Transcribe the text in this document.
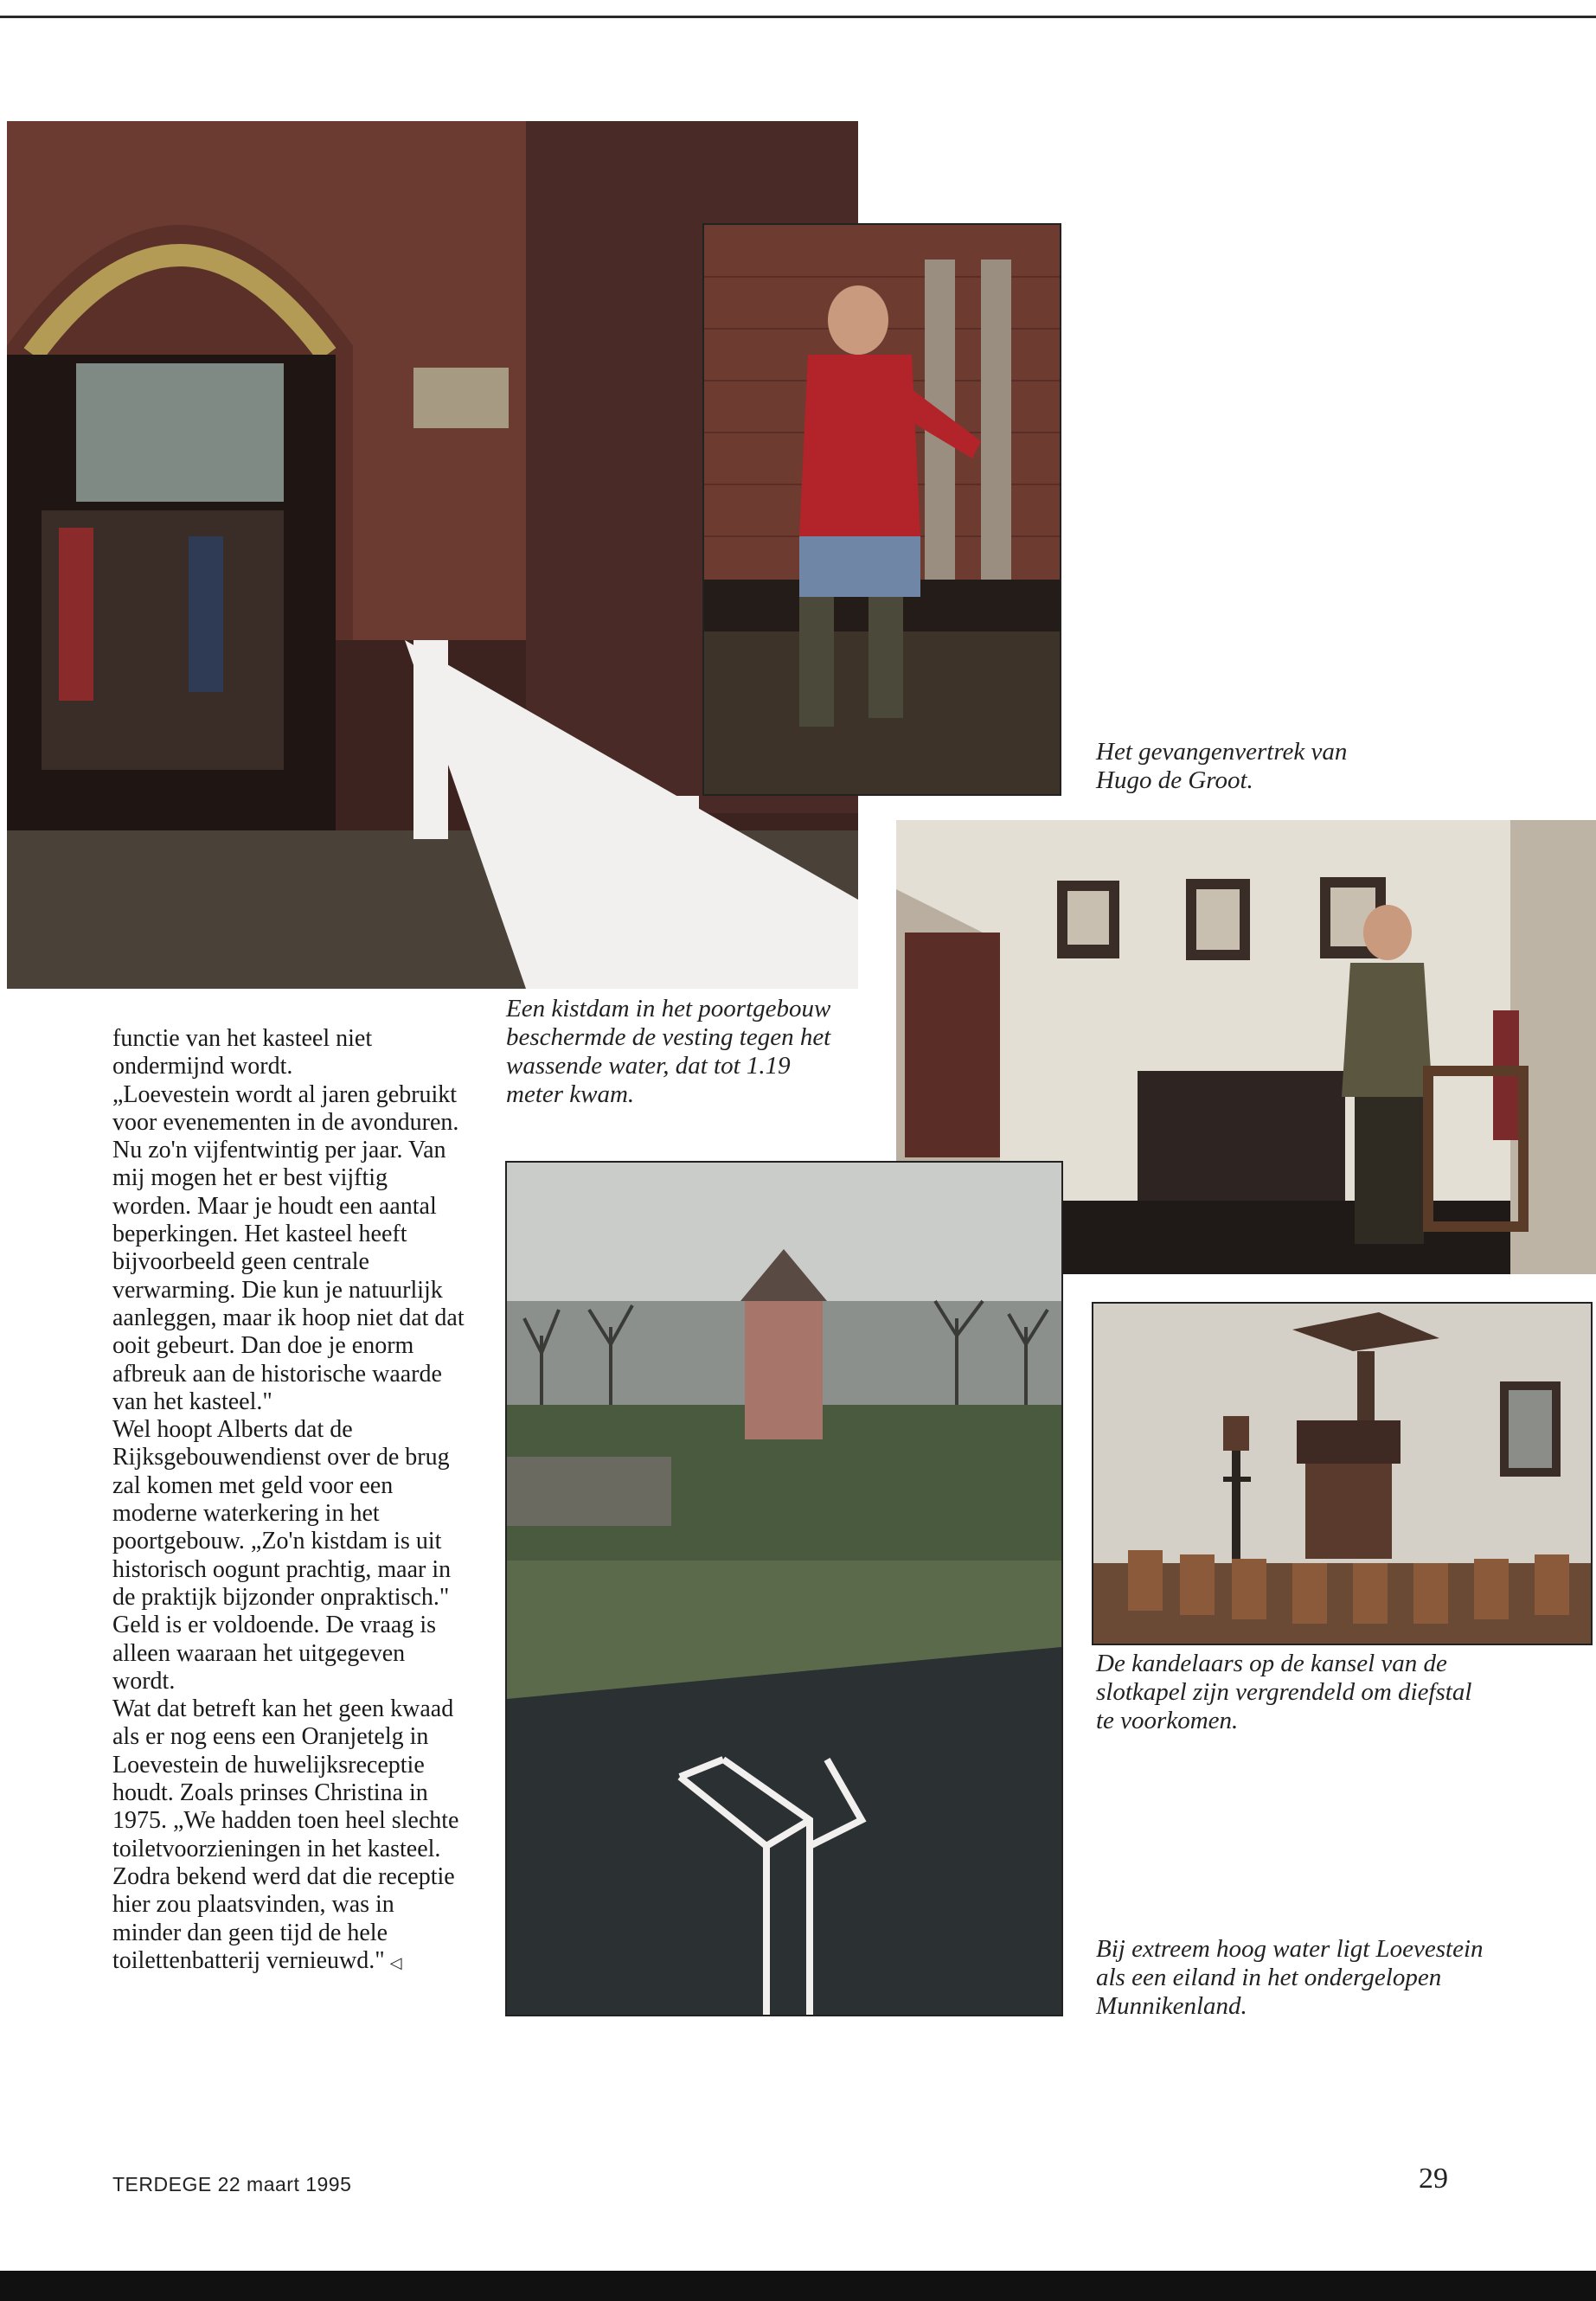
Het gevangenvertrek van Hugo de Groot.

Een kistdam in het poortgebouw beschermde de vesting tegen het wassende water, dat tot 1.19 meter kwam.

functie van het kasteel niet ondermijnd wordt.

„Loevestein wordt al jaren gebruikt voor evenementen in de avonduren. Nu zo'n vijfentwintig per jaar. Van mij mogen het er best vijftig worden. Maar je houdt een aantal beperkingen. Het kasteel heeft bijvoorbeeld geen centrale verwarming. Die kun je natuurlijk aanleggen, maar ik hoop niet dat dat ooit gebeurt. Dan doe je enorm afbreuk aan de historische waarde van het kasteel."

Wel hoopt Alberts dat de Rijksgebouwendienst over de brug zal komen met geld voor een moderne waterkering in het poortgebouw. „Zo'n kistdam is uit historisch oogunt prachtig, maar in de praktijk bijzonder onpraktisch." Geld is er voldoende. De vraag is alleen waaraan het uitgegeven wordt.

Wat dat betreft kan het geen kwaad als er nog eens een Oranjetelg in Loevestein de huwelijksreceptie houdt. Zoals prinses Christina in 1975. „We hadden toen heel slechte toiletvoorzieningen in het kasteel. Zodra bekend werd dat die receptie hier zou plaatsvinden, was in minder dan geen tijd de hele toilettenbatterij vernieuwd." ◁

De kandelaars op de kansel van de slotkapel zijn vergrendeld om diefstal te voorkomen.

Bij extreem hoog water ligt Loevestein als een eiland in het ondergelopen Munnikenland.

TERDEGE 22 maart 1995	29
